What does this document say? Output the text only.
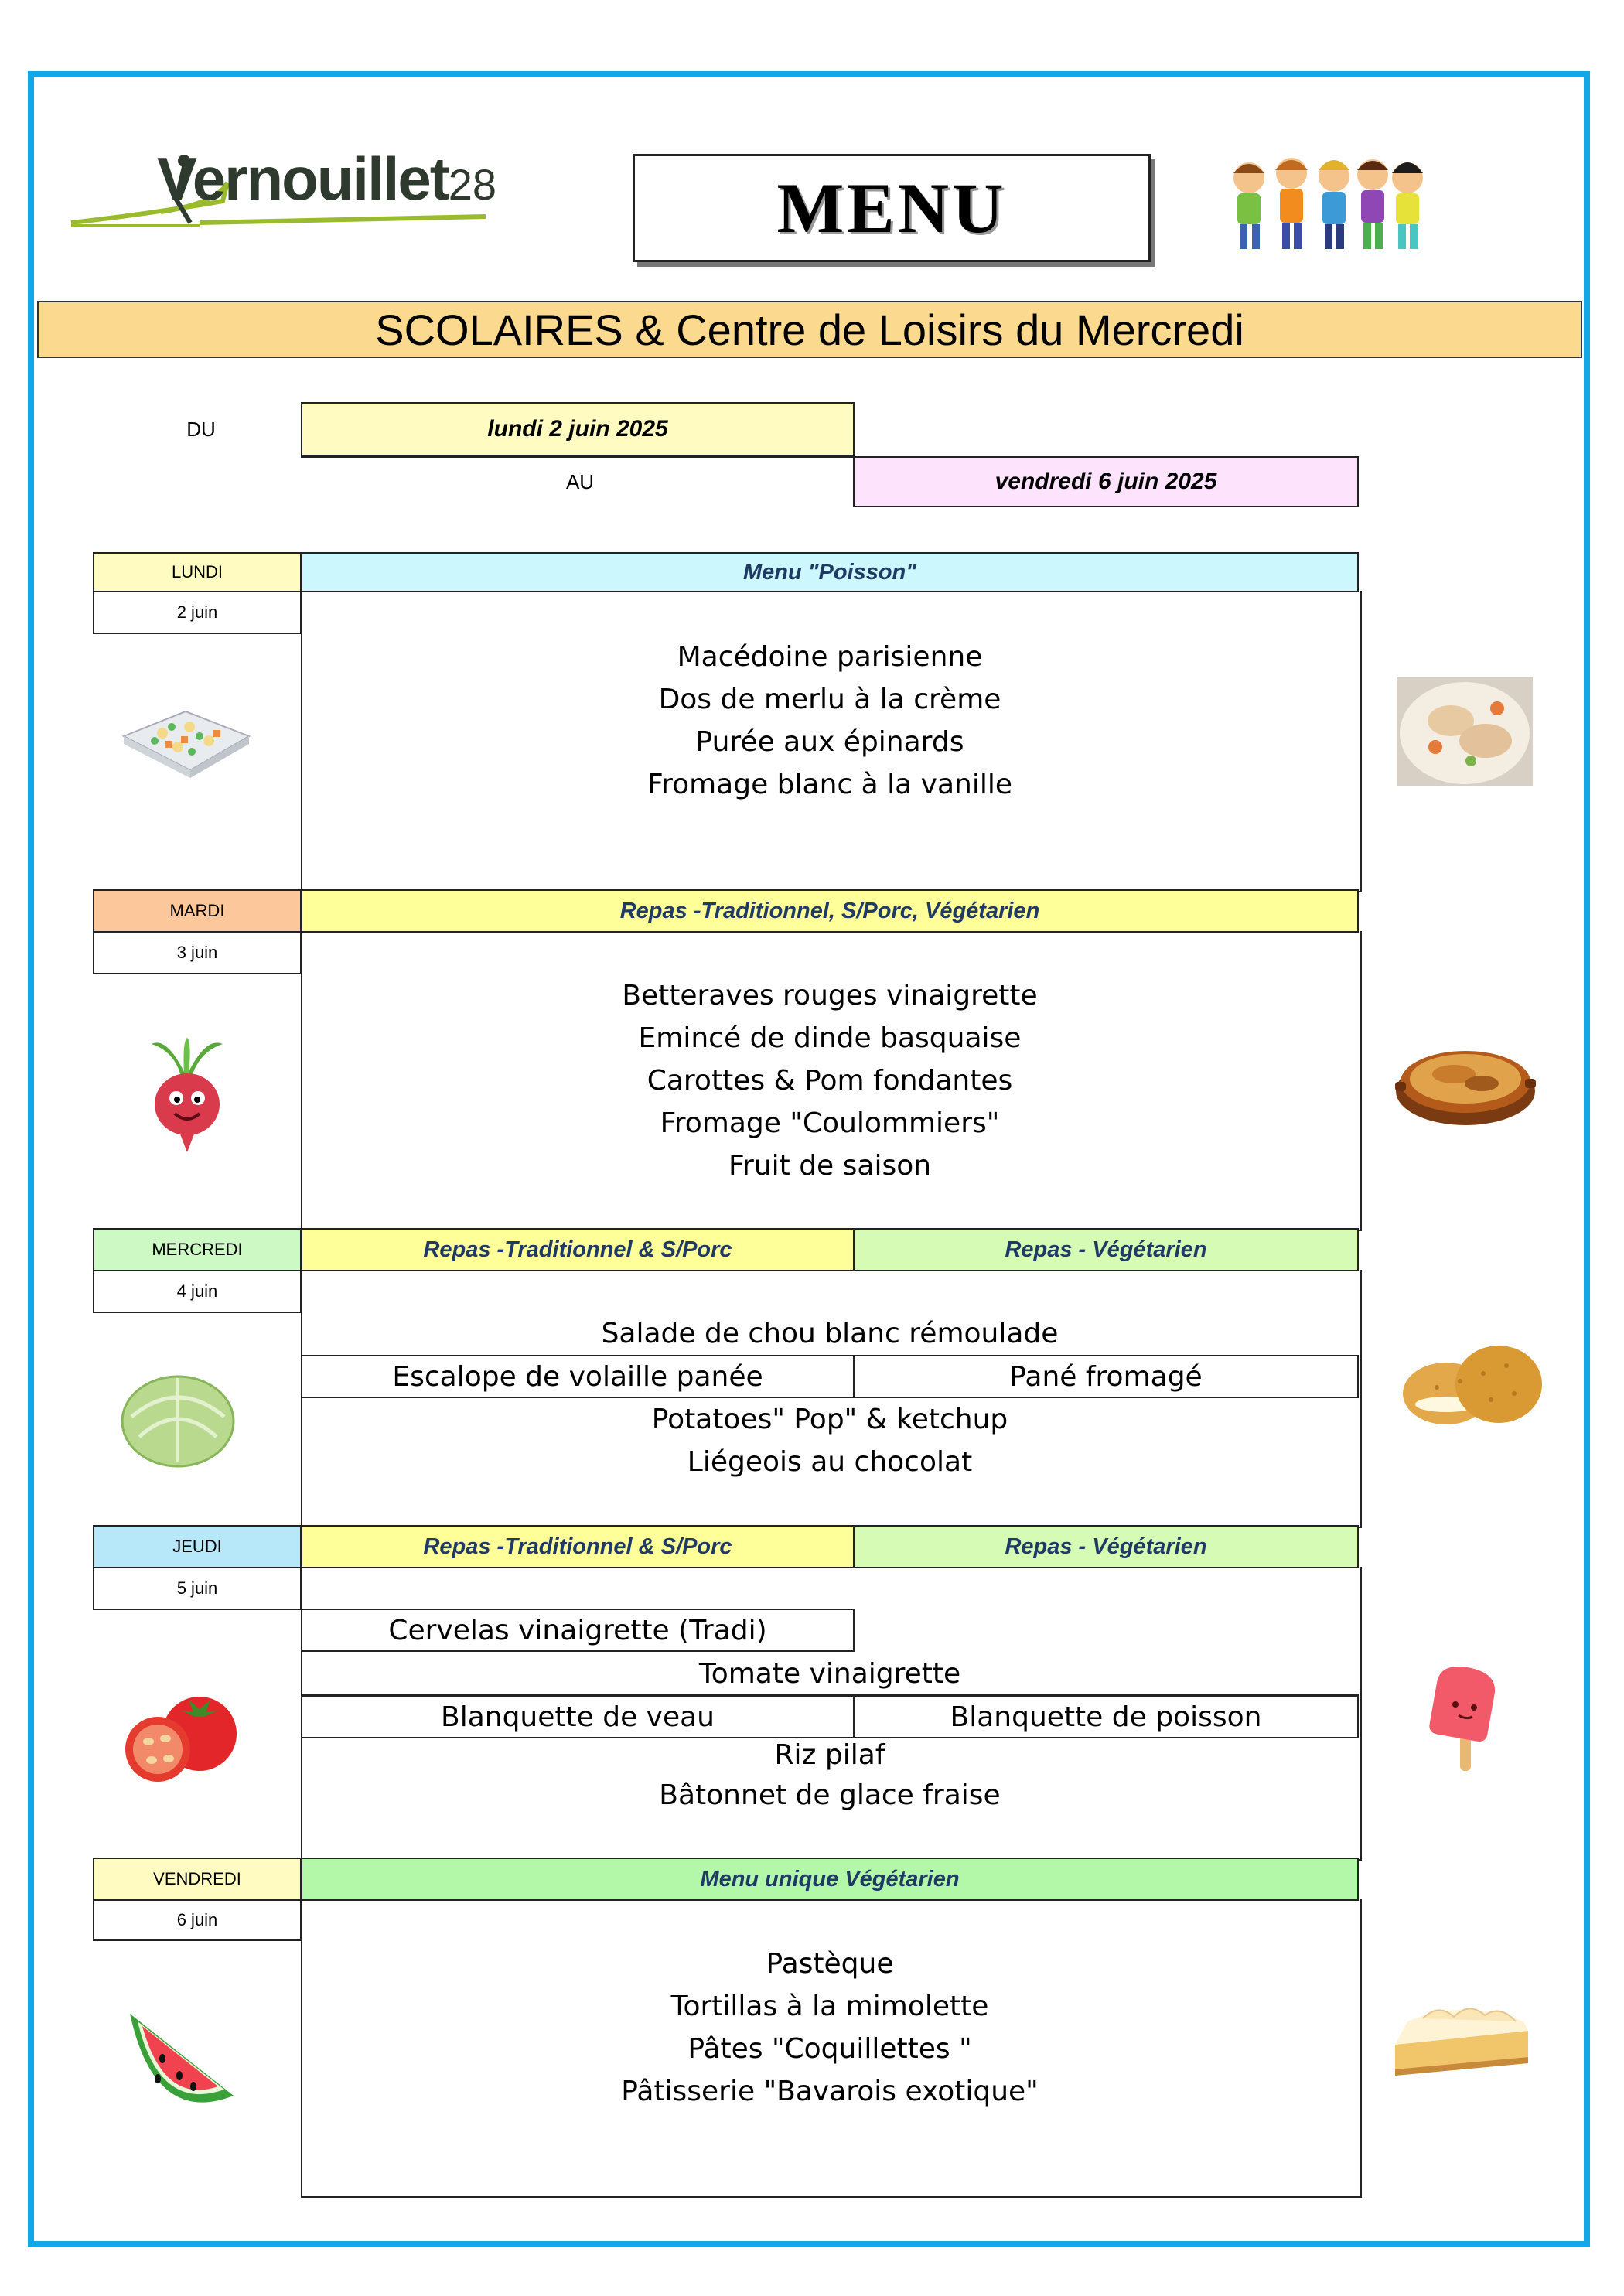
Vernouillet28	MENU
SCOLAIRES & Centre de Loisirs du Mercredi
DU	lundi 2 juin 2025
AU	vendredi 6 juin 2025
LUNDI
2 juin
Menu "Poisson"
Macédoine parisienne
Dos de merlu à la crème
Purée aux épinards
Fromage blanc à la vanille
MARDI
3 juin
Repas -Traditionnel, S/Porc, Végétarien
Betteraves rouges vinaigrette
Emincé de dinde basquaise
Carottes & Pom fondantes
Fromage "Coulommiers"
Fruit de saison
MERCREDI
4 juin
Repas -Traditionnel & S/Porc	Repas - Végétarien
Salade de chou blanc rémoulade
Escalope de volaille panée	Pané fromagé
Potatoes" Pop" & ketchup
Liégeois au chocolat
JEUDI
5 juin
Repas -Traditionnel & S/Porc	Repas - Végétarien
Cervelas vinaigrette (Tradi)
Tomate vinaigrette
Blanquette de veau	Blanquette de poisson
Riz pilaf
Bâtonnet de glace fraise
VENDREDI
6 juin
Menu unique Végétarien
Pastèque
Tortillas à la mimolette
Pâtes "Coquillettes "
Pâtisserie "Bavarois exotique"
